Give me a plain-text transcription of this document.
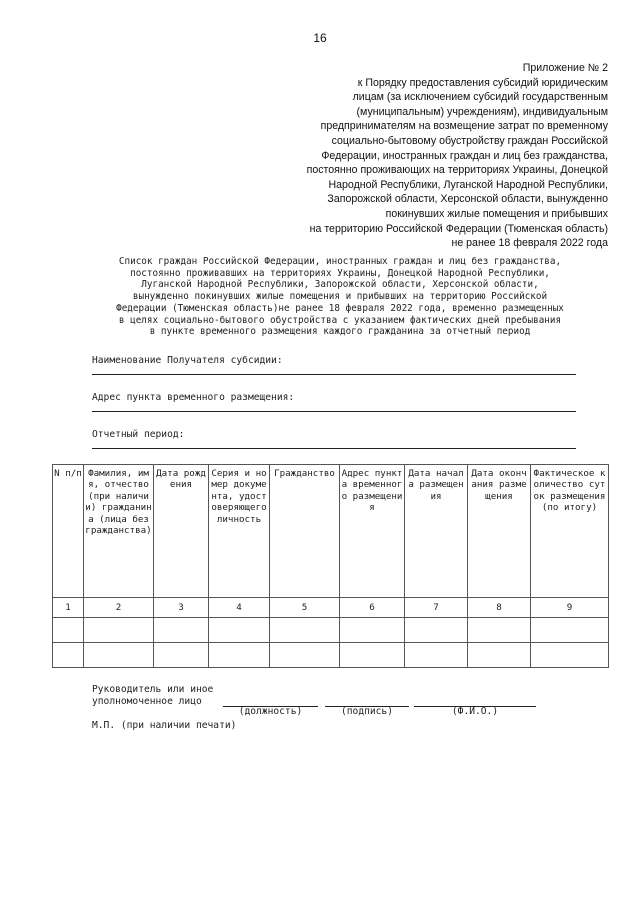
16
Приложение № 2
к Порядку предоставления субсидий юридическим
лицам (за исключением субсидий государственным
(муниципальным) учреждениям), индивидуальным
предпринимателям на возмещение затрат по временному
социально-бытовому обустройству граждан Российской
Федерации, иностранных граждан и лиц без гражданства,
постоянно проживающих на территориях Украины, Донецкой
Народной Республики, Луганской Народной Республики,
Запорожской области, Херсонской области, вынужденно
покинувших жилые помещения и прибывших
на территорию Российской Федерации (Тюменская область)
не ранее 18 февраля 2022 года
Список граждан Российской Федерации, иностранных граждан и лиц без гражданства,
постоянно проживавших на территориях Украины, Донецкой Народной Республики,
Луганской Народной Республики, Запорожской области, Херсонской области,
вынужденно покинувших жилые помещения и прибывших на территорию Российской
Федерации (Тюменская область)не ранее 18 февраля 2022 года, временно размещенных
в целях социально-бытового обустройства с указанием фактических дней пребывания
в пункте временного размещения каждого гражданина за отчетный период
Наименование Получателя субсидии:
Адрес пункта временного размещения:
Отчетный период:
N п/п	Фамилия, имя, отчество (при наличии) гражданина (лица без гражданства)	Дата рождения	Серия и номер документа, удостоверяющего личность	Гражданство	Адрес пункта временного размещения	Дата начала размещения	Дата окончания размещения	Фактическое количество суток размещения (по итогу)
1	2	3	4	5	6	7	8	9

Руководитель или иное
уполномоченное лицо
(должность)	(подпись)	(Ф.И.О.)
М.П. (при наличии печати)
